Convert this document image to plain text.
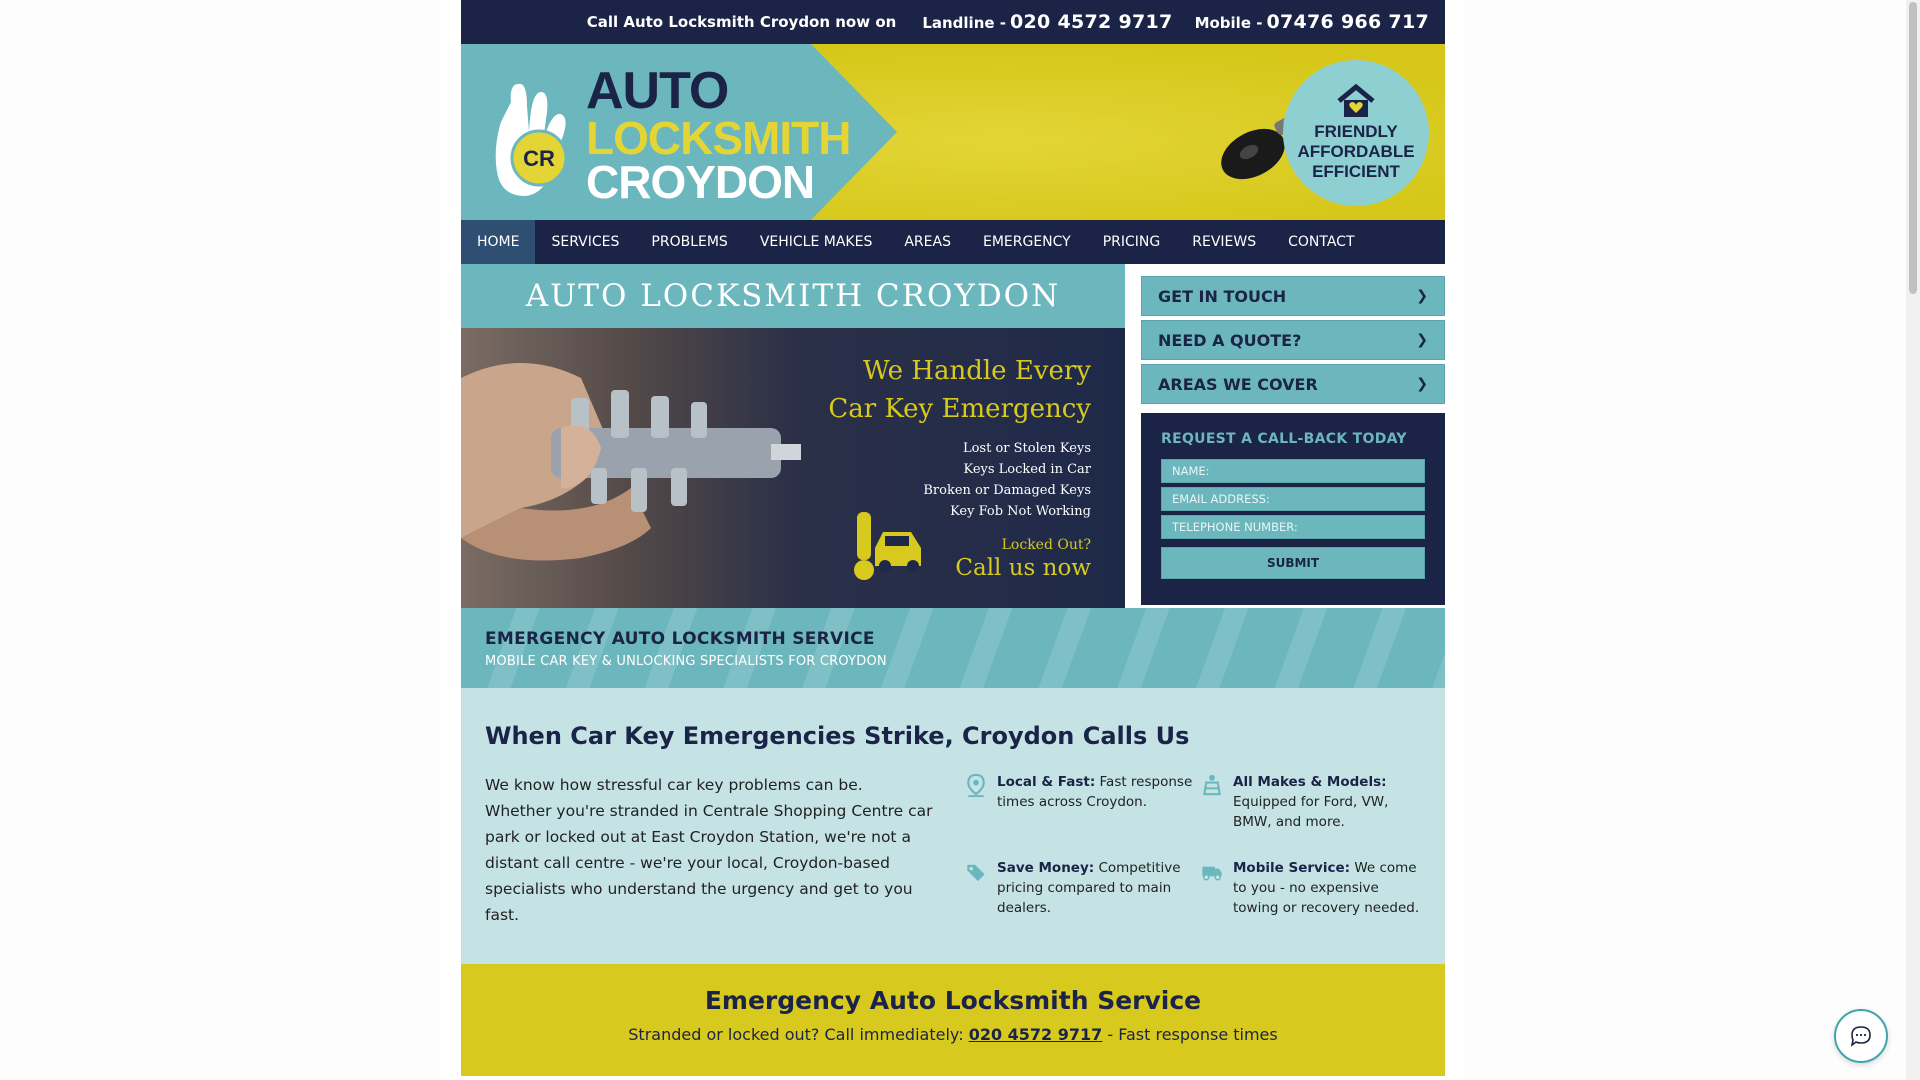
Call Auto Locksmith Croydon now on Landline - 020 4572 9717 Mobile - 07476 966 717
CR
AUTO
LOCKSMITH
CROYDON
FRIENDLY
AFFORDABLE
EFFICIENT
HOME	SERVICES	PROBLEMS	VEHICLE MAKES	AREAS	EMERGENCY	PRICING	REVIEWS	CONTACT
AUTO LOCKSMITH CROYDON
We Handle Every
Car Key Emergency
Lost or Stolen Keys
Keys Locked in Car
Broken or Damaged Keys
Key Fob Not Working
Locked Out?
Call us now
GET IN TOUCH	❯
NEED A QUOTE?	❯
AREAS WE COVER	❯
REQUEST A CALL-BACK TODAY
NAME:
EMAIL ADDRESS:
TELEPHONE NUMBER: SUBMIT
EMERGENCY AUTO LOCKSMITH SERVICE

MOBILE CAR KEY & UNLOCKING SPECIALISTS FOR CROYDON

When Car Key Emergencies Strike, Croydon Calls Us

We know how stressful car key problems can be. Whether you're stranded in Centrale Shopping Centre car park or locked out at East Croydon Station, we're not a distant call centre - we're your local, Croydon-based specialists who understand the urgency and get to you fast.

Local & Fast: Fast response times across Croydon.
All Makes & Models: Equipped for Ford, VW, BMW, and more.
Save Money: Competitive pricing compared to main dealers.
Mobile Service: We come to you - no expensive towing or recovery needed.
Emergency Auto Locksmith Service

Stranded or locked out? Call immediately: 020 4572 9717 - Fast response times
